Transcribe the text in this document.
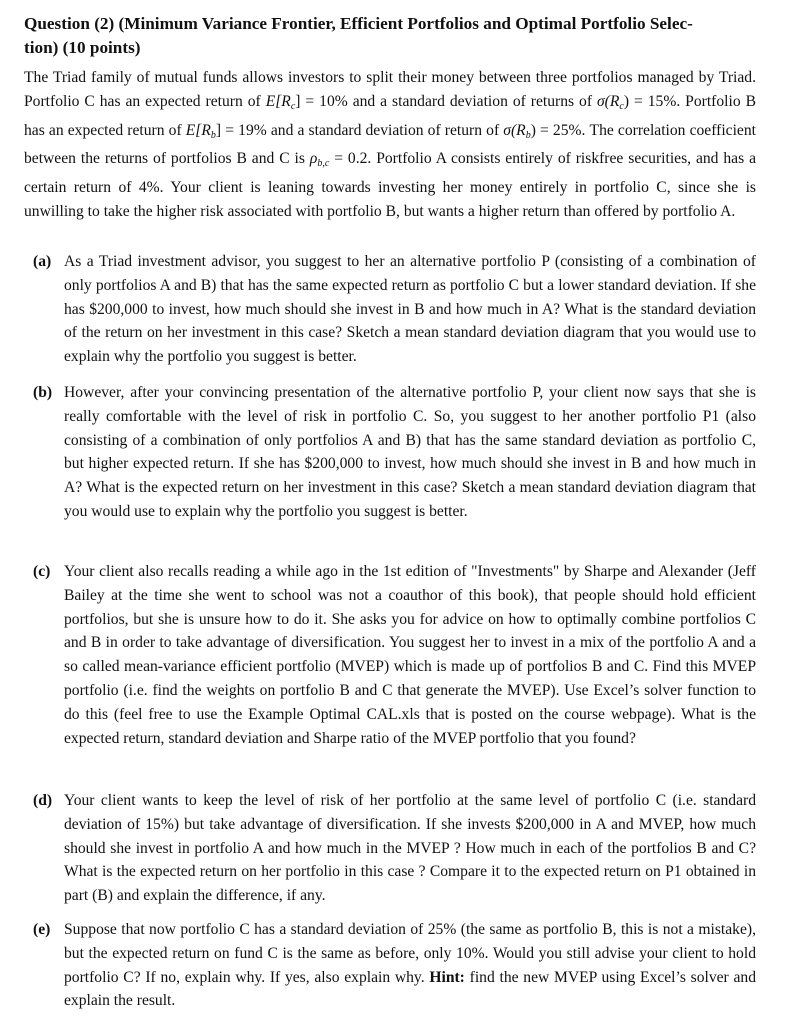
Question (2) (Minimum Variance Frontier, Efficient Portfolios and Optimal Portfolio Selec-
tion) (10 points)

The Triad family of mutual funds allows investors to split their money between three portfolios managed by Triad. Portfolio C has an expected return of $E[R_c] = 10\%$ and a standard deviation of returns of $\sigma(R_c) = 15\%$. Portfolio B has an expected return of $E[R_b] = 19\%$ and a standard deviation of return of $\sigma(R_b) = 25\%$. The correlation coefficient between the returns of portfolios B and C is $\rho_{b,c} = 0.2$. Portfolio A consists entirely of riskfree securities, and has a certain return of 4%. Your client is leaning towards investing her money entirely in portfolio C, since she is unwilling to take the higher risk associated with portfolio B, but wants a higher return than offered by portfolio A.

(a) As a Triad investment advisor, you suggest to her an alternative portfolio P (consisting of a combination of only portfolios A and B) that has the same expected return as portfolio C but a lower standard deviation. If she has $200,000 to invest, how much should she invest in B and how much in A? What is the standard deviation of the return on her investment in this case? Sketch a mean standard deviation diagram that you would use to explain why the portfolio you suggest is better.

(b) However, after your convincing presentation of the alternative portfolio P, your client now says that she is really comfortable with the level of risk in portfolio C. So, you suggest to her another portfolio P1 (also consisting of a combination of only portfolios A and B) that has the same standard deviation as portfolio C, but higher expected return. If she has $200,000 to invest, how much should she invest in B and how much in A? What is the expected return on her investment in this case? Sketch a mean standard deviation diagram that you would use to explain why the portfolio you suggest is better.

(c) Your client also recalls reading a while ago in the 1st edition of "Investments" by Sharpe and Alexander (Jeff Bailey at the time she went to school was not a coauthor of this book), that people should hold efficient portfolios, but she is unsure how to do it. She asks you for advice on how to optimally combine portfolios C and B in order to take advantage of diversification. You suggest her to invest in a mix of the portfolio A and a so called mean-variance efficient portfolio (MVEP) which is made up of portfolios B and C. Find this MVEP portfolio (i.e. find the weights on portfolio B and C that generate the MVEP). Use Excel’s solver function to do this (feel free to use the Example Optimal CAL.xls that is posted on the course webpage). What is the expected return, standard deviation and Sharpe ratio of the MVEP portfolio that you found?

(d) Your client wants to keep the level of risk of her portfolio at the same level of portfolio C (i.e. standard deviation of 15%) but take advantage of diversification. If she invests $200,000 in A and MVEP, how much should she invest in portfolio A and how much in the MVEP ? How much in each of the portfolios B and C? What is the expected return on her portfolio in this case ? Compare it to the expected return on P1 obtained in part (B) and explain the difference, if any.

(e) Suppose that now portfolio C has a standard deviation of 25% (the same as portfolio B, this is not a mistake), but the expected return on fund C is the same as before, only 10%. Would you still advise your client to hold portfolio C? If no, explain why. If yes, also explain why. Hint: find the new MVEP using Excel’s solver and explain the result.
